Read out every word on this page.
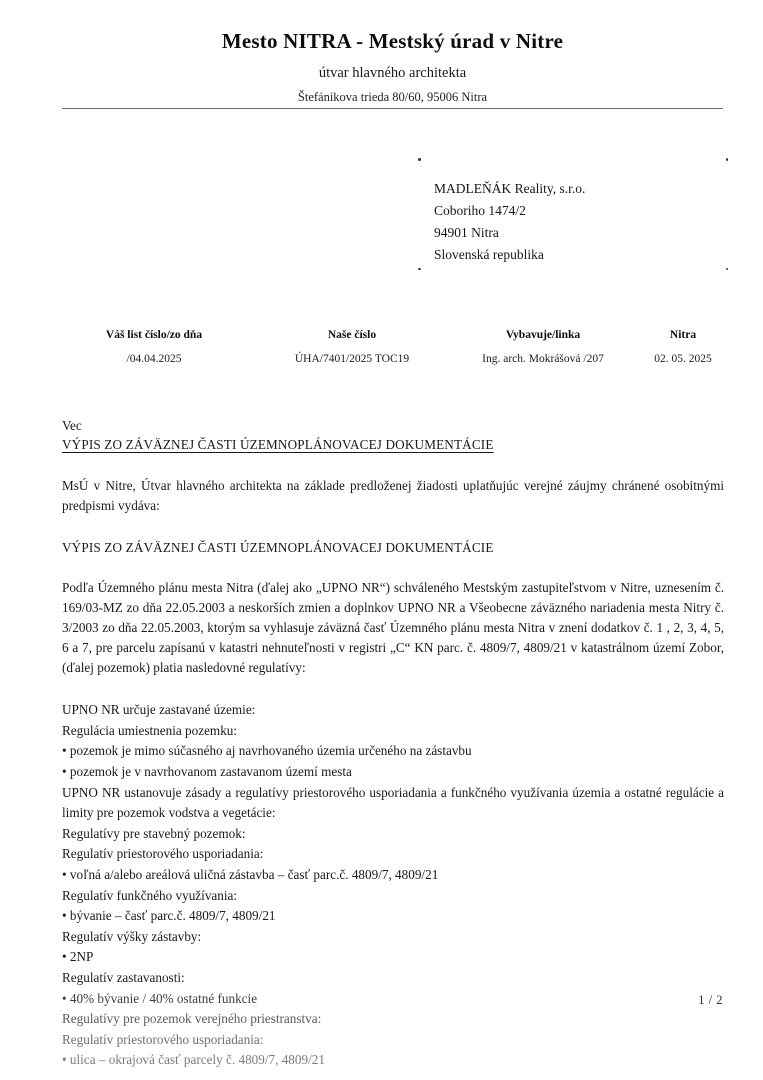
Mesto NITRA - Mestský úrad v Nitre
útvar hlavného architekta
Štefánikova trieda 80/60, 95006 Nitra
MADLEŇÁK Reality, s.r.o.
Coborihо 1474/2
94901 Nitra
Slovenská republika
Váš list číslo/zo dňa
/04.04.2025
Naše číslo
ÚHA/7401/2025 TOC19
Vybavuje/linka
Ing. arch. Mokrášová /207
Nitra
02. 05. 2025
Vec
VÝPIS ZO ZÁVÄZNEJ ČASTI ÚZEMNOPLÁNOVACEJ DOKUMENTÁCIE
MsÚ v Nitre, Útvar hlavného architekta na základe predloženej žiadosti uplatňujúc verejné záujmy chránené osobitnými predpismi vydáva:
VÝPIS ZO ZÁVÄZNEJ ČASTI ÚZEMNOPLÁNOVACEJ DOKUMENTÁCIE
Podľa Územného plánu mesta Nitra (ďalej ako „UPNO NR“) schváleného Mestským zastupiteľstvom v Nitre, uznesením č. 169/03-MZ zo dňa 22.05.2003 a neskorších zmien a doplnkov UPNO NR a Všeobecne záväzného nariadenia mesta Nitry č. 3/2003 zo dňa 22.05.2003, ktorým sa vyhlasuje záväzná časť Územného plánu mesta Nitra v znení dodatkov č. 1 , 2, 3, 4, 5, 6 a 7, pre parcelu zapísanú v katastri nehnuteľnosti v registri „C“ KN parc. č. 4809/7, 4809/21 v katastrálnom území Zobor, (ďalej pozemok) platia nasledovné regulatívy:
UPNO NR určuje zastavané územie:
Regulácia umiestnenia pozemku:
• pozemok je mimo súčasného aj navrhovaného územia určeného na zástavbu
• pozemok je v navrhovanom zastavanom území mesta
UPNO NR ustanovuje zásady a regulatívy priestorového usporiadania a funkčného využívania územia a ostatné regulácie a limity pre pozemok vodstva a vegetácie:
Regulatívy pre stavebný pozemok:
Regulatív priestorového usporiadania:
• voľná a/alebo areálová uličná zástavba – časť parc.č. 4809/7, 4809/21
Regulatív funkčného využívania:
• bývanie – časť parc.č. 4809/7, 4809/21
Regulatív výšky zástavby:
• 2NP
Regulatív zastavanosti:
• 40% bývanie / 40% ostatné funkcie
Regulatívy pre pozemok verejného priestranstva:
Regulatív priestorového usporiadania:
• ulica – okrajová časť parcely č. 4809/7, 4809/21
1 / 2
